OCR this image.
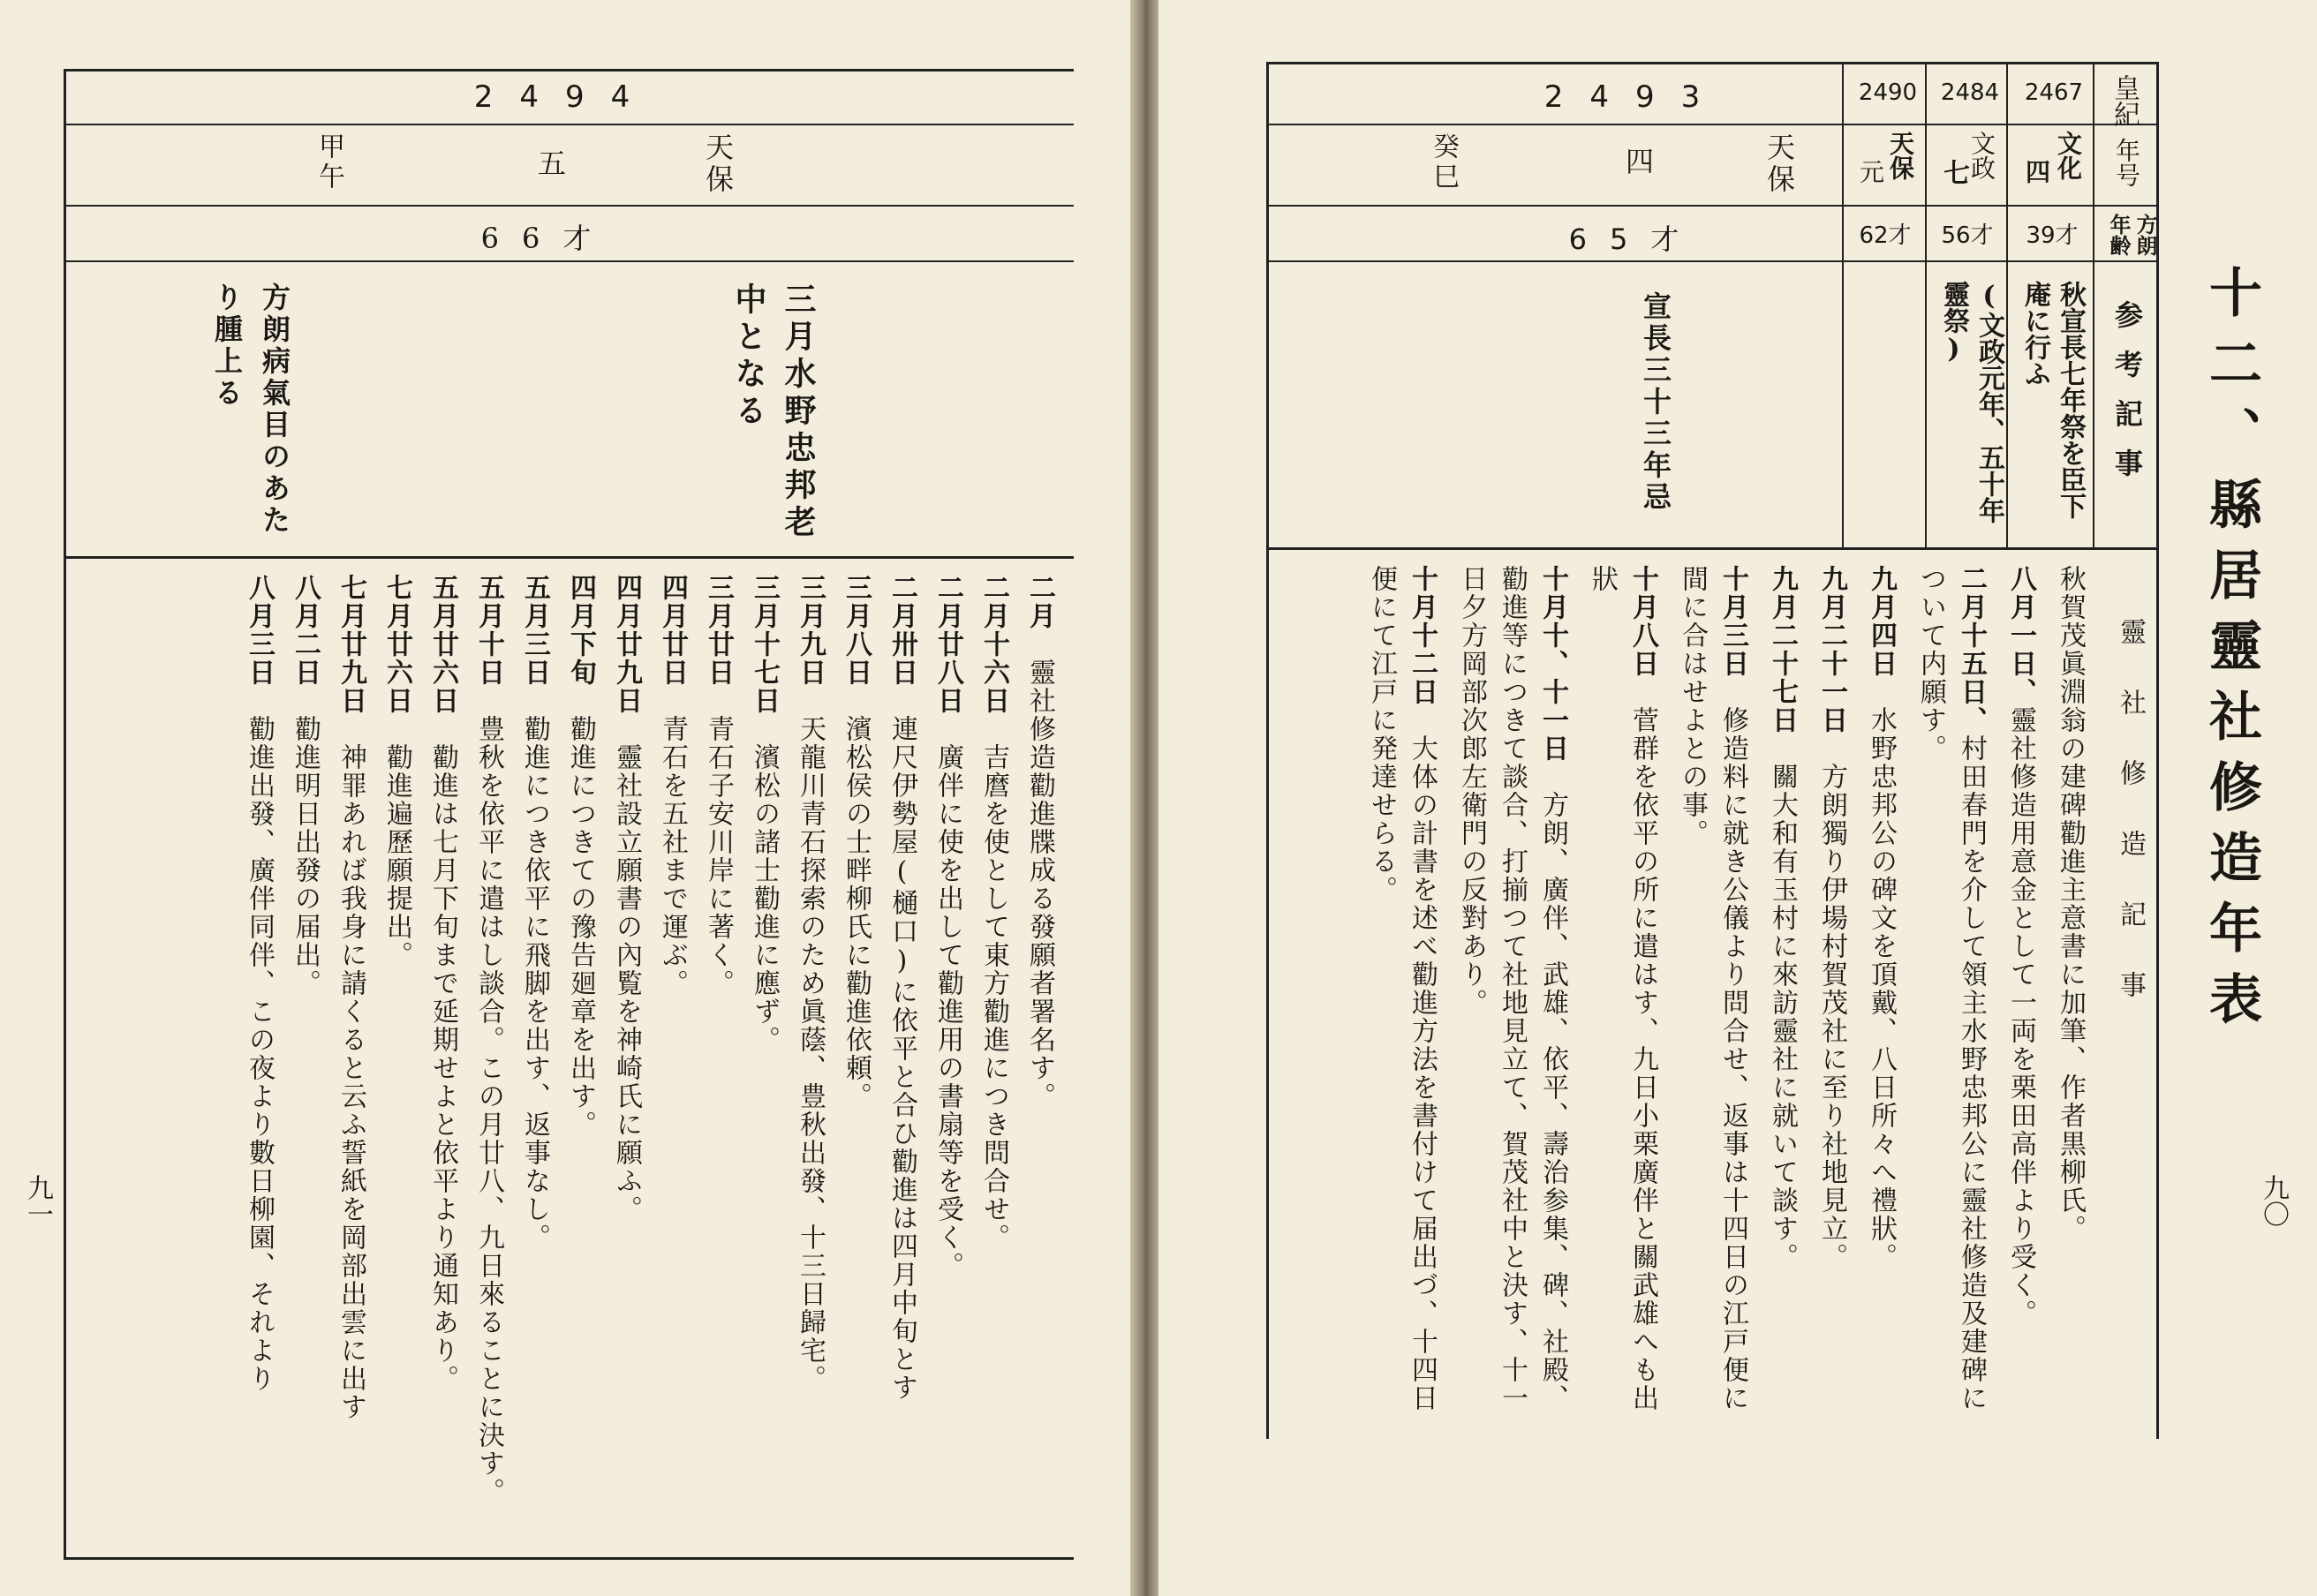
2494
天保
五
甲午
66才
三月水野忠邦老中となる
方朗病氣目のあたり腫上る
二月　靈社修造勸進牒成る發願者署名す。
二月十六日　吉麿を使として東方勸進につき問合せ。
二月廿八日　廣伴に使を出して勸進用の書扇等を受く。
二月卅日　連尺伊勢屋(樋口)に依平と合ひ勸進は四月中旬とす
三月八日　濱松侯の士畔柳氏に勸進依頼。
三月九日　天龍川青石探索のため眞蔭、豊秋出發、十三日歸宅。
三月十七日　濱松の諸士勸進に應ず。
三月廿日　青石子安川岸に著く。
四月廿日　青石を五社まで運ぶ。
四月廿九日　靈社設立願書の內覧を神崎氏に願ふ。
四月下旬　勸進につきての豫告廻章を出す。
五月三日　勸進につき依平に飛脚を出す、返事なし。
五月十日　豊秋を依平に遣はし談合。この月廿八、九日來ることに決す。
五月廿六日　勸進は七月下旬まで延期せよと依平より通知あり。
七月廿六日　勸進遍歷願提出。
七月廿九日　神罪あれば我身に請くると云ふ誓紙を岡部出雲に出す
八月二日　勸進明日出發の届出。
八月三日　勸進出發、廣伴同伴、この夜より數日柳園、それより
九一
皇紀
年号
方朗年齢
参考記事
2467
2484
2490
2493
文化
四
文政
七
天保
元
天保
四
癸巳
39才
56才
62才
65才
秋宣長七年祭を臣下庵に行ふ
(文政元年、五十年靈祭)
宣長三十三年忌	十二、縣居靈社修造年表
靈社修造記事
秋賀茂眞淵翁の建碑勸進主意書に加筆、作者黒柳氏。
八月一日、靈社修造用意金として一両を栗田高伴より受く。
二月十五日、村田春門を介して領主水野忠邦公に靈社修造及建碑について内願す。
九月四日　水野忠邦公の碑文を頂戴、八日所々へ禮狀。
九月二十一日　方朗獨り伊場村賀茂社に至り社地見立。
九月二十七日　關大和有玉村に來訪靈社に就いて談す。
十月三日　修造料に就き公儀より問合せ、返事は十四日の江戸便に間に合はせよとの事。
十月八日　菅群を依平の所に遣はす、九日小栗廣伴と關武雄へも出狀
十月十、十一日　方朗、廣伴、武雄、依平、壽治参集、碑、社殿、勸進等につきて談合、打揃つて社地見立て、賀茂社中と決す、十一日夕方岡部次郎左衛門の反對あり。
十月十二日　大体の計書を述べ勸進方法を書付けて届出づ、十四日便にて江戸に発達せらる。
九〇
